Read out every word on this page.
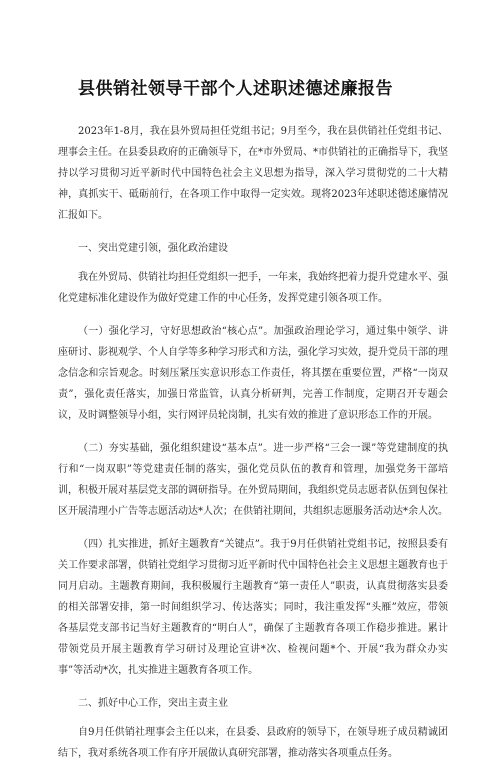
县供销社领导干部个人述职述德述廉报告

2023年1-8月，我在县外贸局担任党组书记；9月至今，我在县供销社任党组书记、理事会主任。在县委县政府的正确领导下，在*市外贸局、*市供销社的正确指导下，我坚持以学习贯彻习近平新时代中国特色社会主义思想为指导，深入学习贯彻党的二十大精神，真抓实干、砥砺前行，在各项工作中取得一定实效。现将2023年述职述德述廉情况汇报如下。

一、突出党建引领，强化政治建设

我在外贸局、供销社均担任党组织一把手，一年来，我始终把着力提升党建水平、强化党建标准化建设作为做好党建工作的中心任务，发挥党建引领各项工作。

（一）强化学习，守好思想政治“核心点”。加强政治理论学习，通过集中领学、讲座研讨、影视观学、个人自学等多种学习形式和方法，强化学习实效，提升党员干部的理念信念和宗旨观念。时刻压紧压实意识形态工作责任，将其摆在重要位置，严格“一岗双责”，强化责任落实，加强日常监管，认真分析研判，完善工作制度，定期召开专题会议，及时调整领导小组，实行网评员轮岗制，扎实有效的推进了意识形态工作的开展。

（二）夯实基础，强化组织建设“基本点”。进一步严格“三会一课”等党建制度的执行和“一岗双职”等党建责任制的落实，强化党员队伍的教育和管理，加强党务干部培训，积极开展对基层党支部的调研指导。在外贸局期间，我组织党员志愿者队伍到包保社区开展清理小广告等志愿活动达*人次；在供销社期间，共组织志愿服务活动达*余人次。

（四）扎实推进，抓好主题教育“关键点”。我于9月任供销社党组书记，按照县委有关工作要求部署，供销社党组学习贯彻习近平新时代中国特色社会主义思想主题教育也于同月启动。主题教育期间，我积极履行主题教育“第一责任人”职责，认真贯彻落实县委的相关部署安排，第一时间组织学习、传达落实；同时，我注重发挥“头雁”效应，带领各基层党支部书记当好主题教育的“明白人”，确保了主题教育各项工作稳步推进。累计带领党员开展主题教育学习研讨及理论宣讲*次、检视问题*个、开展“我为群众办实事”等活动*次，扎实推进主题教育各项工作。

二、抓好中心工作，突出主责主业

自9月任供销社理事会主任以来，在县委、县政府的领导下，在领导班子成员精诚团结下，我对系统各项工作有序开展做认真研究部署，推动落实各项重点任务。
